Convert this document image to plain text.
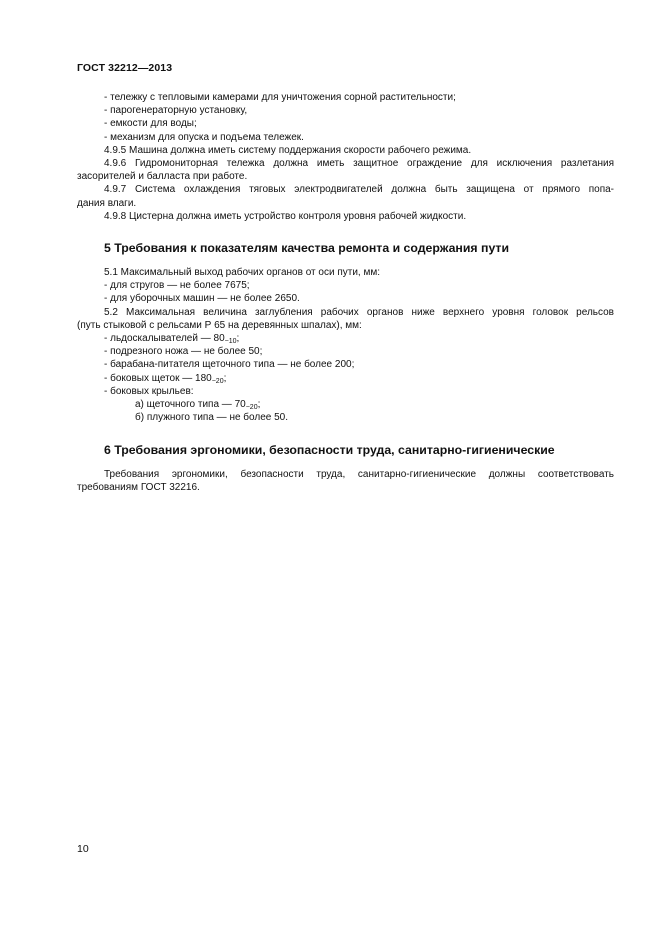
ГОСТ 32212—2013
- тележку с тепловыми камерами для уничтожения сорной растительности;
- парогенераторную установку,
- емкости для воды;
- механизм для опуска и подъема тележек.
4.9.5 Машина должна иметь систему поддержания скорости рабочего режима.
4.9.6 Гидромониторная тележка должна иметь защитное ограждение для исключения разлетания
засорителей и балласта при работе.
4.9.7 Система охлаждения тяговых электродвигателей должна быть защищена от прямого попа-
дания влаги.
4.9.8 Цистерна должна иметь устройство контроля уровня рабочей жидкости.
5 Требования к показателям качества ремонта и содержания пути
5.1 Максимальный выход рабочих органов от оси пути, мм:
- для стругов — не более 7675;
- для уборочных машин — не более 2650.
5.2 Максимальная величина заглубления рабочих органов ниже верхнего уровня головок рельсов
(путь стыковой с рельсами Р 65 на деревянных шпалах), мм:
- льдоскалывателей — $80_{-10}$;
- подрезного ножа — не более 50;
- барабана-питателя щеточного типа — не более 200;
- боковых щеток — $180_{-20}$;
- боковых крыльев:
а) щеточного типа — $70_{-20}$;
б) плужного типа — не более 50.
6 Требования эргономики, безопасности труда, санитарно-гигиенические
Требования эргономики, безопасности труда, санитарно-гигиенические должны соответствовать
требованиям ГОСТ 32216.
10
